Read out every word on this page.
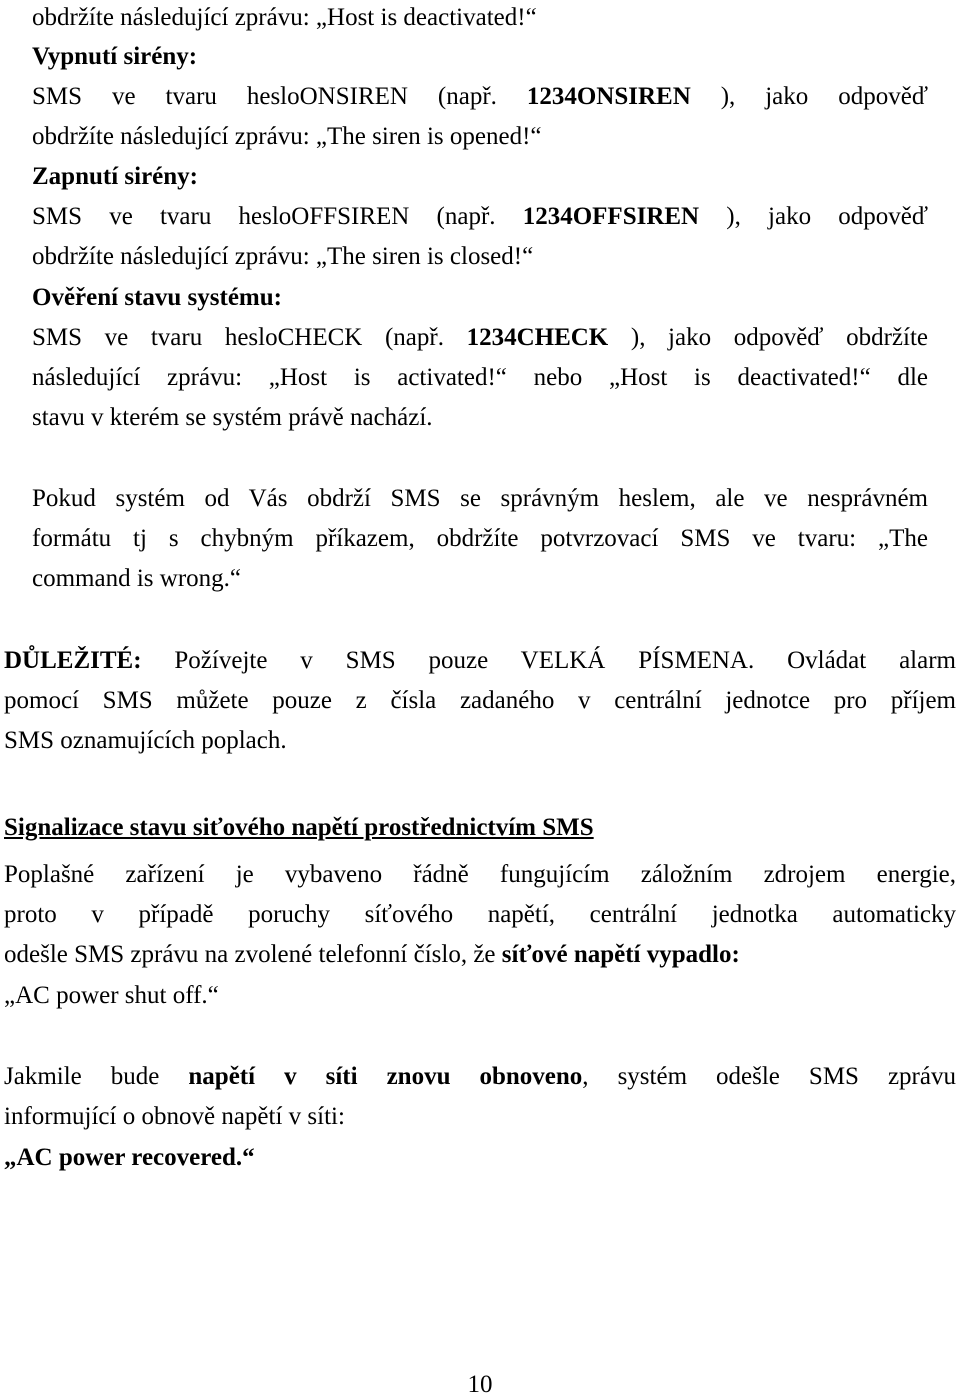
obdržíte následující zprávu: „Host is deactivated!“
Vypnutí sirény:
SMS ve tvaru hesloONSIREN (např. 1234ONSIREN ), jako odpověď
obdržíte následující zprávu: „The siren is opened!“
Zapnutí sirény:
SMS ve tvaru hesloOFFSIREN (např. 1234OFFSIREN ), jako odpověď
obdržíte následující zprávu: „The siren is closed!“
Ověření stavu systému:
SMS ve tvaru hesloCHECK (např. 1234CHECK ), jako odpověď obdržíte
následující zprávu: „Host is activated!“ nebo „Host is deactivated!“ dle
stavu v kterém se systém právě nachází.
Pokud systém od Vás obdrží SMS se správným heslem, ale ve nesprávném
formátu tj s chybným příkazem, obdržíte potvrzovací SMS ve tvaru: „The
command is wrong.“
DŮLEŽITÉ: Požívejte v SMS pouze VELKÁ PÍSMENA. Ovládat alarm
pomocí SMS můžete pouze z čísla zadaného v centrální jednotce pro příjem
SMS oznamujících poplach.
Signalizace stavu siťového napětí prostřednictvím SMS
Poplašné zařízení je vybaveno řádně fungujícím záložním zdrojem energie,
proto v případě poruchy síťového napětí, centrální jednotka automaticky
odešle SMS zprávu na zvolené telefonní číslo, že síťové napětí vypadlo:
„AC power shut off.“
Jakmile bude napětí v síti znovu obnoveno, systém odešle SMS zprávu
informující o obnově napětí v síti:
„AC power recovered.“
10
